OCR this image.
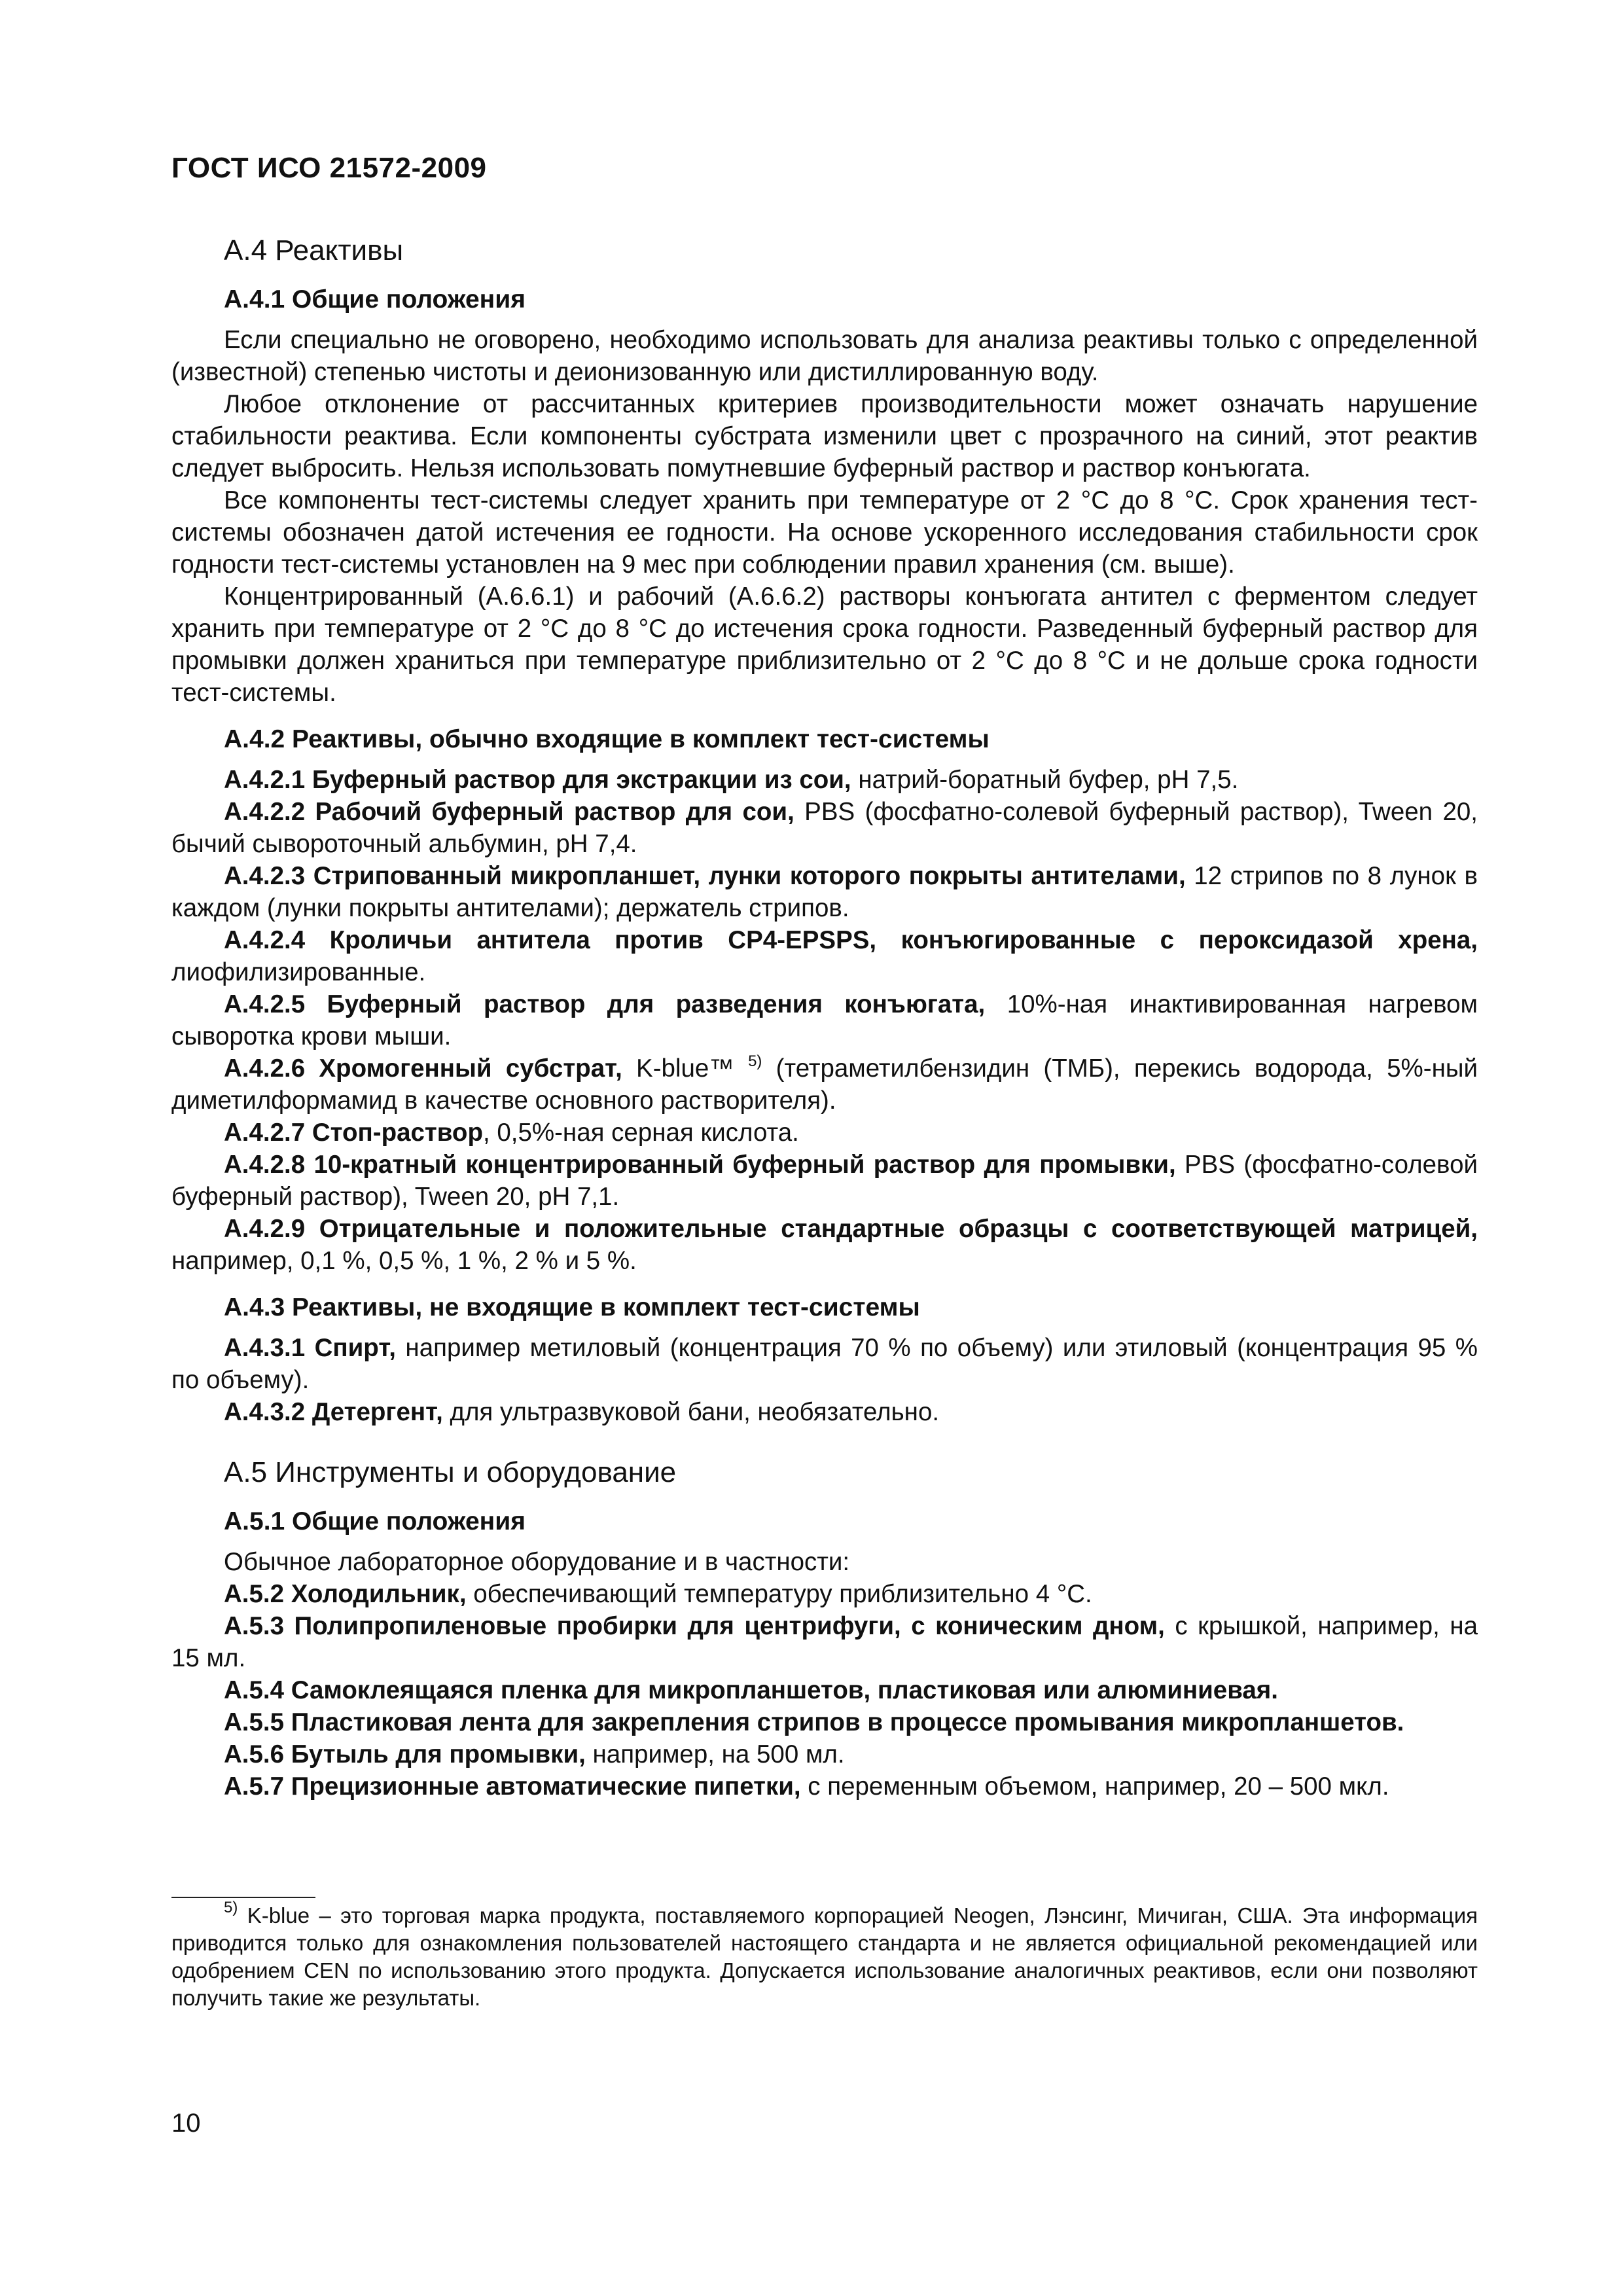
ГОСТ ИСО 21572-2009
А.4 Реактивы
А.4.1 Общие положения

Если специально не оговорено, необходимо использовать для анализа реактивы только с определенной (известной) степенью чистоты и деионизованную или дистиллированную воду.

Любое отклонение от рассчитанных критериев производительности может означать нарушение стабильности реактива. Если компоненты субстрата изменили цвет с прозрачного на синий, этот реактив следует выбросить. Нельзя использовать помутневшие буферный раствор и раствор конъюгата.

Все компоненты тест-системы следует хранить при температуре от 2 °С до 8 °С. Срок хранения тест-системы обозначен датой истечения ее годности. На основе ускоренного исследования стабильности срок годности тест-системы установлен на 9 мес при соблюдении правил хранения (см. выше).

Концентрированный (А.6.6.1) и рабочий (А.6.6.2) растворы конъюгата антител с ферментом следует хранить при температуре от 2 °С до 8 °С до истечения срока годности. Разведенный буферный раствор для промывки должен храниться при температуре приблизительно от 2 °С до 8 °С и не дольше срока годности тест-системы.

А.4.2 Реактивы, обычно входящие в комплект тест-системы

А.4.2.1 Буферный раствор для экстракции из сои, натрий-боратный буфер, рН 7,5.

А.4.2.2 Рабочий буферный раствор для сои, PBS (фосфатно-солевой буферный раствор), Tween 20, бычий сывороточный альбумин, рН 7,4.

А.4.2.3 Стрипованный микропланшет, лунки которого покрыты антителами, 12 стрипов по 8 лунок в каждом (лунки покрыты антителами); держатель стрипов.

А.4.2.4 Кроличьи антитела против СР4-EPSPS, конъюгированные с пероксидазой хрена, лиофилизированные.

А.4.2.5 Буферный раствор для разведения конъюгата, 10%-ная инактивированная нагревом сыворотка крови мыши.

А.4.2.6 Хромогенный субстрат, K-blue™ $^{5)}$ (тетраметилбензидин (ТМБ), перекись водорода, 5%-ный диметилформамид в качестве основного растворителя).

А.4.2.7 Стоп-раствор, 0,5%-ная серная кислота.

А.4.2.8 10-кратный концентрированный буферный раствор для промывки, PBS (фосфатно-солевой буферный раствор), Tween 20, рН 7,1.

А.4.2.9 Отрицательные и положительные стандартные образцы с соответствующей матрицей, например, 0,1 %, 0,5 %, 1 %, 2 % и 5 %.

А.4.3 Реактивы, не входящие в комплект тест-системы

А.4.3.1 Спирт, например метиловый (концентрация 70 % по объему) или этиловый (концентрация 95 % по объему).

А.4.3.2 Детергент, для ультразвуковой бани, необязательно.

А.5 Инструменты и оборудование
А.5.1 Общие положения

Обычное лабораторное оборудование и в частности:

А.5.2 Холодильник, обеспечивающий температуру приблизительно 4 °С.

А.5.3 Полипропиленовые пробирки для центрифуги, с коническим дном, с крышкой, например, на 15 мл.

А.5.4 Самоклеящаяся пленка для микропланшетов, пластиковая или алюминиевая.

А.5.5 Пластиковая лента для закрепления стрипов в процессе промывания микропланшетов.

А.5.6 Бутыль для промывки, например, на 500 мл.

А.5.7 Прецизионные автоматические пипетки, с переменным объемом, например, 20 – 500 мкл.

$^{5)}$ K-blue – это торговая марка продукта, поставляемого корпорацией Neogen, Лэнсинг, Мичиган, США. Эта информация приводится только для ознакомления пользователей настоящего стандарта и не является официальной рекомендацией или одобрением CEN по использованию этого продукта. Допускается использование аналогичных реактивов, если они позволяют получить такие же результаты.
10
